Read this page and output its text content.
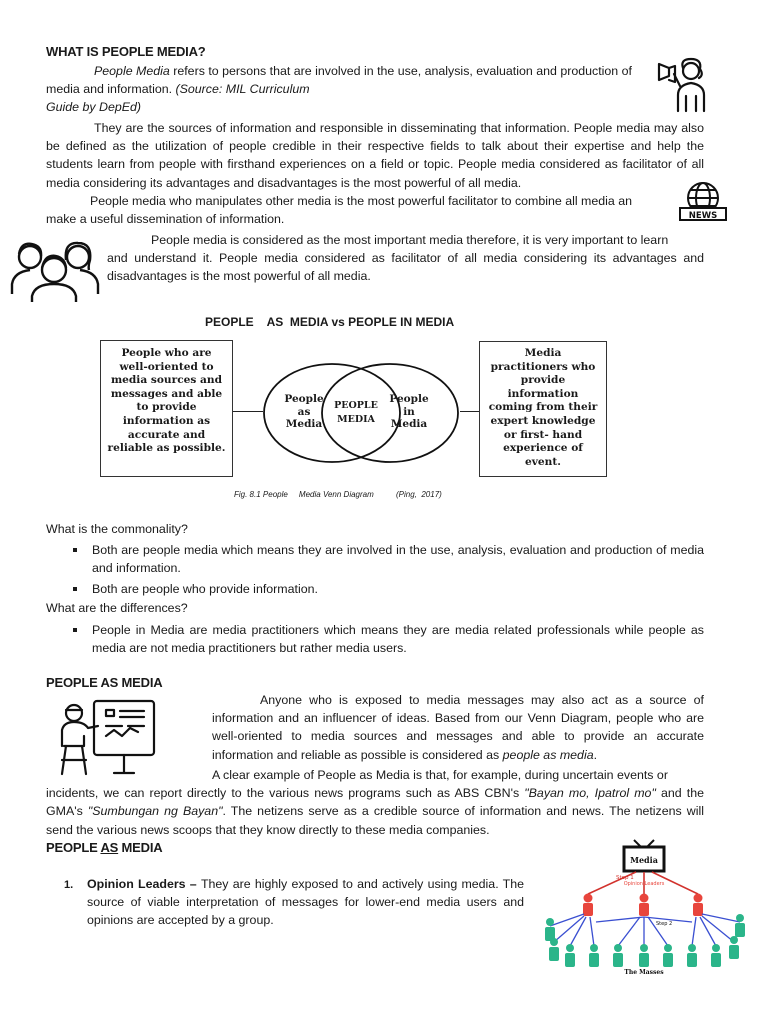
WHAT IS PEOPLE MEDIA?
People Media refers to persons that are involved in the use, analysis, evaluation and production of
media and information. (Source: MIL Curriculum
Guide by DepEd)
They are the sources of information and responsible in disseminating that information. People media may also be defined as the utilization of people credible in their respective fields to talk about their expertise and help the students learn from people with firsthand experiences on a field or topic. People media considered as facilitator of all media considering its advantages and disadvantages is the most powerful of all media.
People media who manipulates other media is the most powerful facilitator to combine all media an
make a useful dissemination of information.	NEWS
People media is considered as the most important media therefore, it is very important to learn
and understand it. People media considered as facilitator of all media considering its advantages and disadvantages is the most powerful of all media.
PEOPLE    AS  MEDIA vs PEOPLE IN MEDIA
People who are well-oriented to media sources and messages and able to provide information as accurate and reliable as possible.
People as Media
PEOPLE MEDIA
People in Media
Media practitioners who provide information coming from their expert knowledge or first- hand experience of event.
Fig. 8.1 People     Media Venn Diagram          (Ping,  2017)
What is the commonality?
Both are people media which means they are involved in the use, analysis, evaluation and production of media and information.
Both are people who provide information.
What are the differences?
People in Media are media practitioners which means they are media related professionals while people as media are not media practitioners but rather media users.
PEOPLE AS MEDIA
Anyone who is exposed to media messages may also act as a source of information and an influencer of ideas. Based from our Venn Diagram, people who are well-oriented to media sources and messages and able to provide an accurate information and reliable as possible is considered as people as media.
A clear example of People as Media is that, for example, during uncertain events or
incidents, we can report directly to the various news programs such as ABS CBN's "Bayan mo, Ipatrol mo" and the GMA's "Sumbungan ng Bayan". The netizens serve as a credible source of information and news. The netizens will send the various news scoops that they know directly to these media companies.
PEOPLE AS MEDIA
1. Opinion Leaders – They are highly exposed to and actively using media. The source of viable interpretation of messages for lower-end media users and opinions are accepted by a group.
Media
Step 1
Opinion Leaders
Step 2
The Masses
